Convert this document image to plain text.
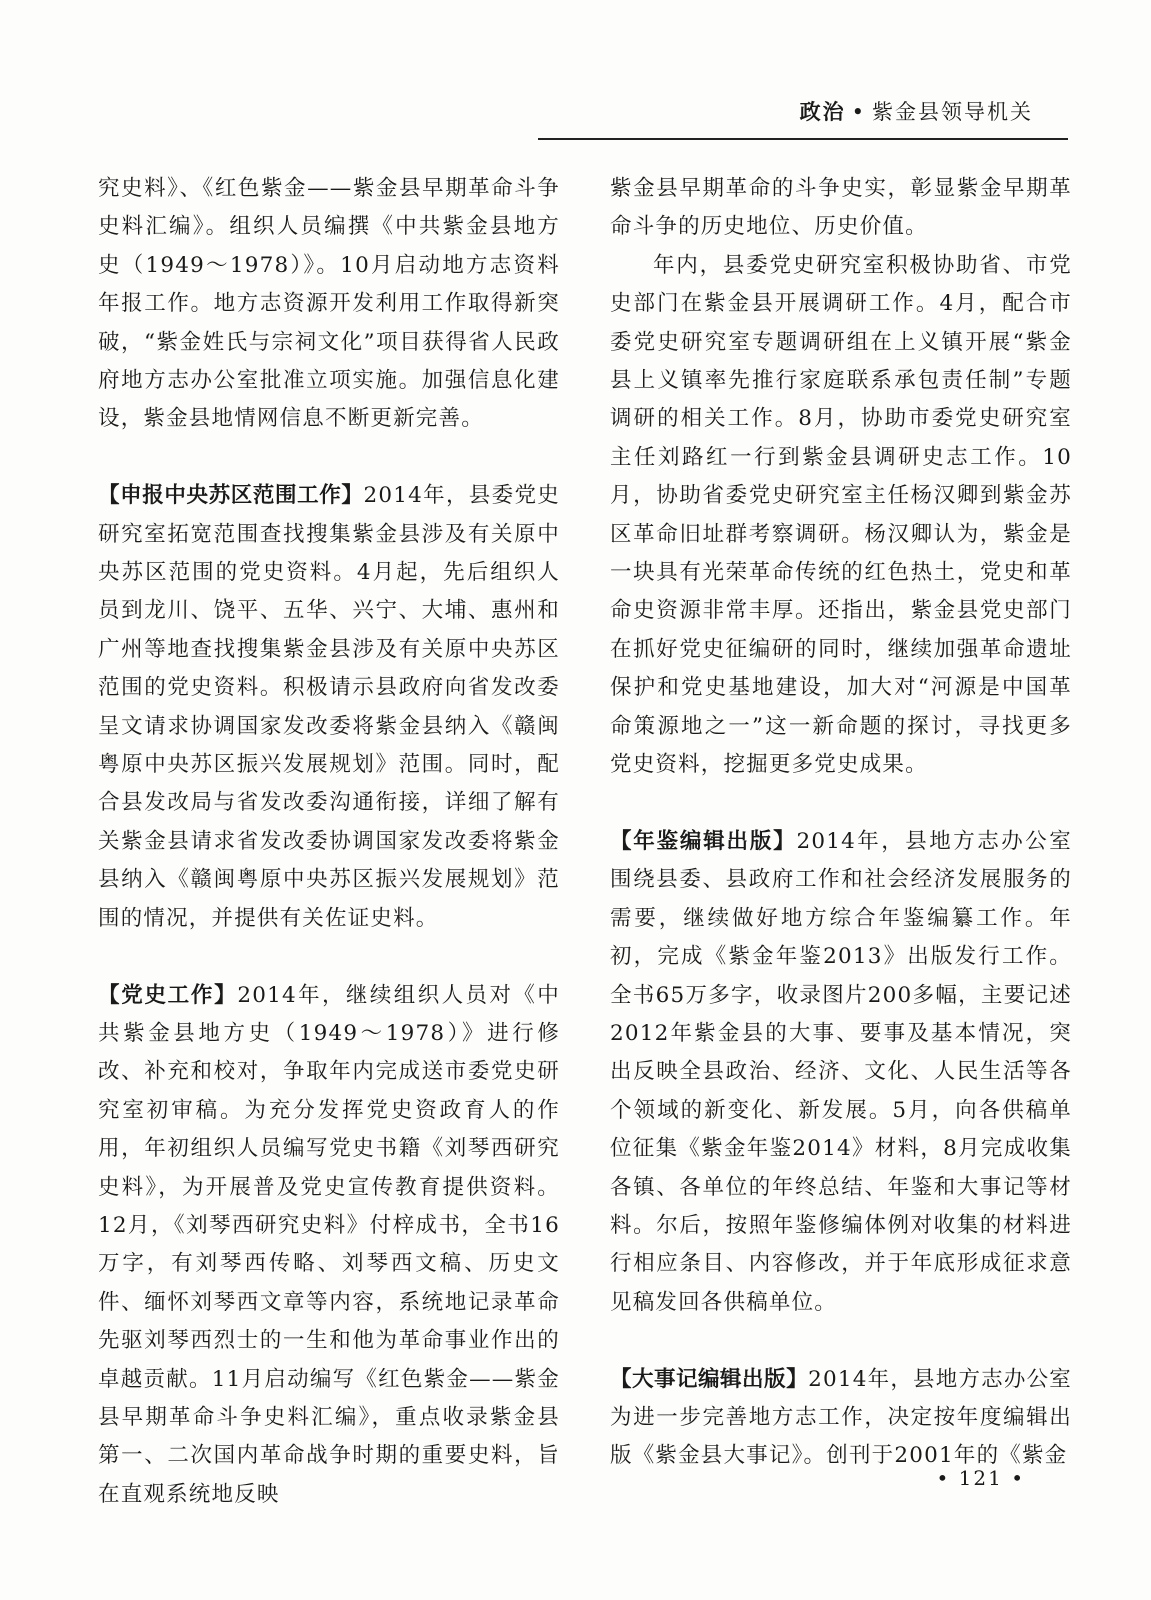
政治 • 紫金县领导机关

究史料》、《红色紫金——紫金县早期革命斗争史料汇编》。组织人员编撰《中共紫金县地方史（1949～1978）》。10月启动地方志资料年报工作。地方志资源开发利用工作取得新突破，“紫金姓氏与宗祠文化”项目获得省人民政府地方志办公室批准立项实施。加强信息化建设，紫金县地情网信息不断更新完善。

【申报中央苏区范围工作】2014年，县委党史研究室拓宽范围查找搜集紫金县涉及有关原中央苏区范围的党史资料。4月起，先后组织人员到龙川、饶平、五华、兴宁、大埔、惠州和广州等地查找搜集紫金县涉及有关原中央苏区范围的党史资料。积极请示县政府向省发改委呈文请求协调国家发改委将紫金县纳入《赣闽粤原中央苏区振兴发展规划》范围。同时，配合县发改局与省发改委沟通衔接，详细了解有关紫金县请求省发改委协调国家发改委将紫金县纳入《赣闽粤原中央苏区振兴发展规划》范围的情况，并提供有关佐证史料。

【党史工作】2014年，继续组织人员对《中共紫金县地方史（1949～1978）》进行修改、补充和校对，争取年内完成送市委党史研究室初审稿。为充分发挥党史资政育人的作用，年初组织人员编写党史书籍《刘琴西研究史料》，为开展普及党史宣传教育提供资料。12月，《刘琴西研究史料》付梓成书，全书16万字，有刘琴西传略、刘琴西文稿、历史文件、缅怀刘琴西文章等内容，系统地记录革命先驱刘琴西烈士的一生和他为革命事业作出的卓越贡献。11月启动编写《红色紫金——紫金县早期革命斗争史料汇编》，重点收录紫金县第一、二次国内革命战争时期的重要史料，旨在直观系统地反映

紫金县早期革命的斗争史实，彰显紫金早期革命斗争的历史地位、历史价值。

年内，县委党史研究室积极协助省、市党史部门在紫金县开展调研工作。4月，配合市委党史研究室专题调研组在上义镇开展“紫金县上义镇率先推行家庭联系承包责任制”专题调研的相关工作。8月，协助市委党史研究室主任刘路红一行到紫金县调研史志工作。10月，协助省委党史研究室主任杨汉卿到紫金苏区革命旧址群考察调研。杨汉卿认为，紫金是一块具有光荣革命传统的红色热土，党史和革命史资源非常丰厚。还指出，紫金县党史部门在抓好党史征编研的同时，继续加强革命遗址保护和党史基地建设，加大对“河源是中国革命策源地之一”这一新命题的探讨，寻找更多党史资料，挖掘更多党史成果。

【年鉴编辑出版】2014年，县地方志办公室围绕县委、县政府工作和社会经济发展服务的需要，继续做好地方综合年鉴编纂工作。年初，完成《紫金年鉴2013》出版发行工作。全书65万多字，收录图片200多幅，主要记述2012年紫金县的大事、要事及基本情况，突出反映全县政治、经济、文化、人民生活等各个领域的新变化、新发展。5月，向各供稿单位征集《紫金年鉴2014》材料，8月完成收集各镇、各单位的年终总结、年鉴和大事记等材料。尔后，按照年鉴修编体例对收集的材料进行相应条目、内容修改，并于年底形成征求意见稿发回各供稿单位。

【大事记编辑出版】2014年，县地方志办公室为进一步完善地方志工作，决定按年度编辑出版《紫金县大事记》。创刊于2001年的《紫金

• 121 •
